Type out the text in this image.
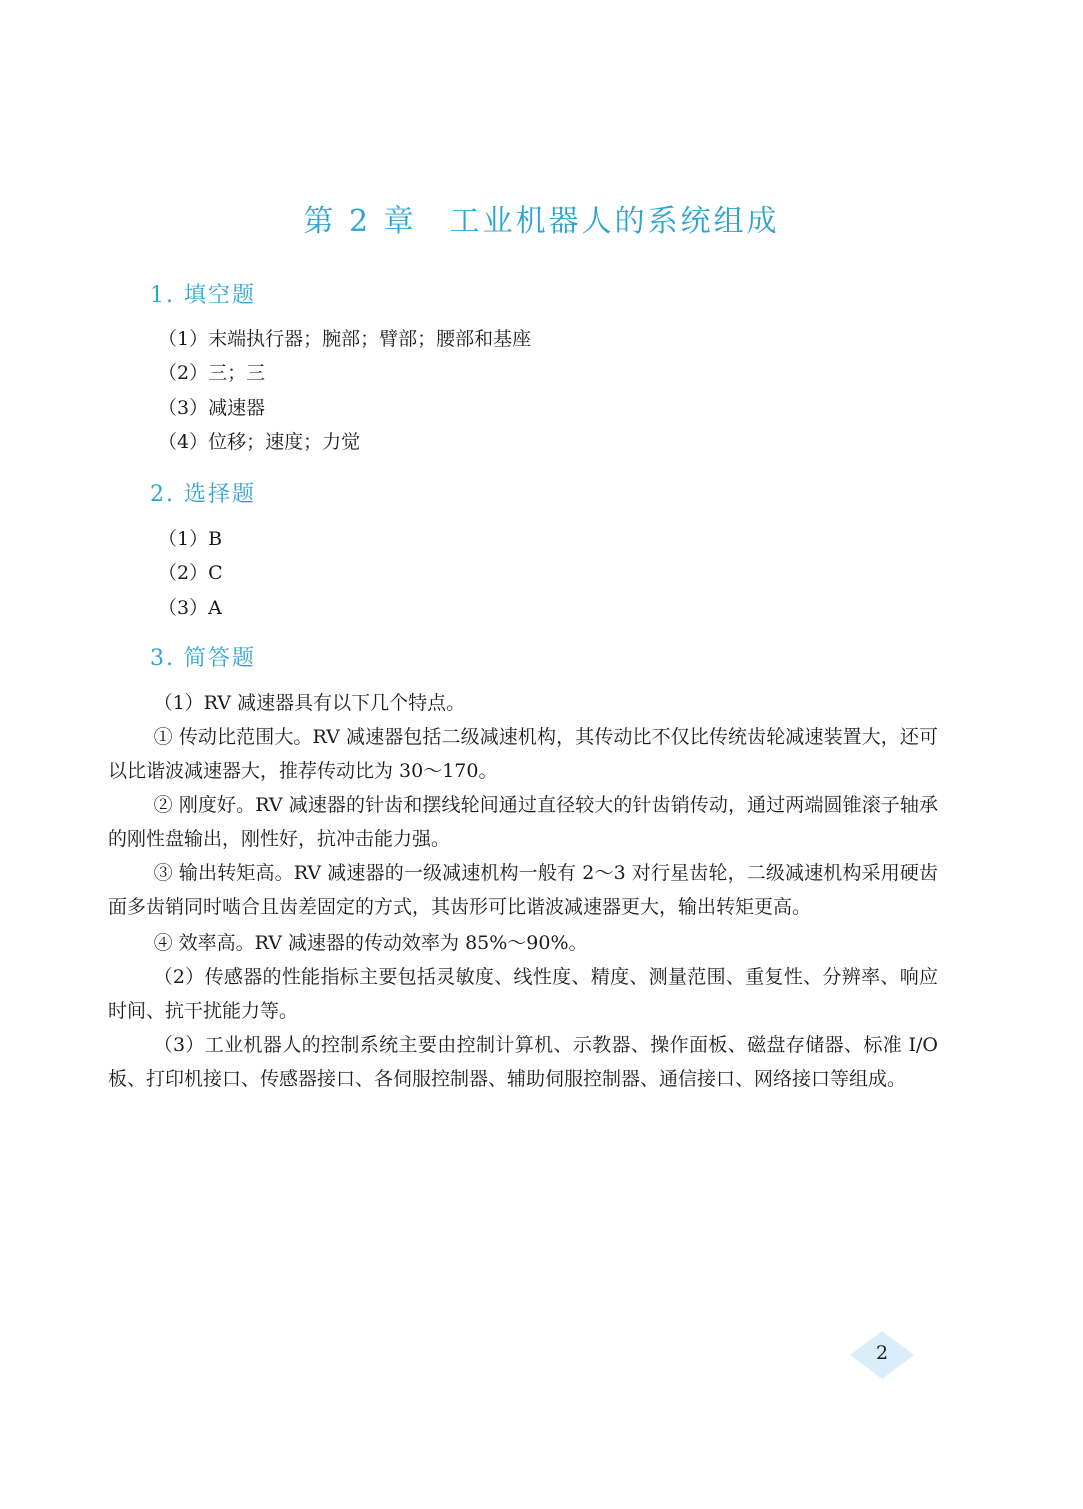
第 2 章　工业机器人的系统组成
1. 填空题
（1）末端执行器；腕部；臂部；腰部和基座
（2）三；三
（3）减速器
（4）位移；速度；力觉
2. 选择题
（1）B
（2）C
（3）A
3. 简答题
（1）RV 减速器具有以下几个特点。
① 传动比范围大。RV 减速器包括二级减速机构，其传动比不仅比传统齿轮减速装置大，还可以比谐波减速器大，推荐传动比为 30～170。
② 刚度好。RV 减速器的针齿和摆线轮间通过直径较大的针齿销传动，通过两端圆锥滚子轴承的刚性盘输出，刚性好，抗冲击能力强。
③ 输出转矩高。RV 减速器的一级减速机构一般有 2～3 对行星齿轮，二级减速机构采用硬齿面多齿销同时啮合且齿差固定的方式，其齿形可比谐波减速器更大，输出转矩更高。
④ 效率高。RV 减速器的传动效率为 85%～90%。
（2）传感器的性能指标主要包括灵敏度、线性度、精度、测量范围、重复性、分辨率、响应时间、抗干扰能力等。
（3）工业机器人的控制系统主要由控制计算机、示教器、操作面板、磁盘存储器、标准 I/O 板、打印机接口、传感器接口、各伺服控制器、辅助伺服控制器、通信接口、网络接口等组成。
2
